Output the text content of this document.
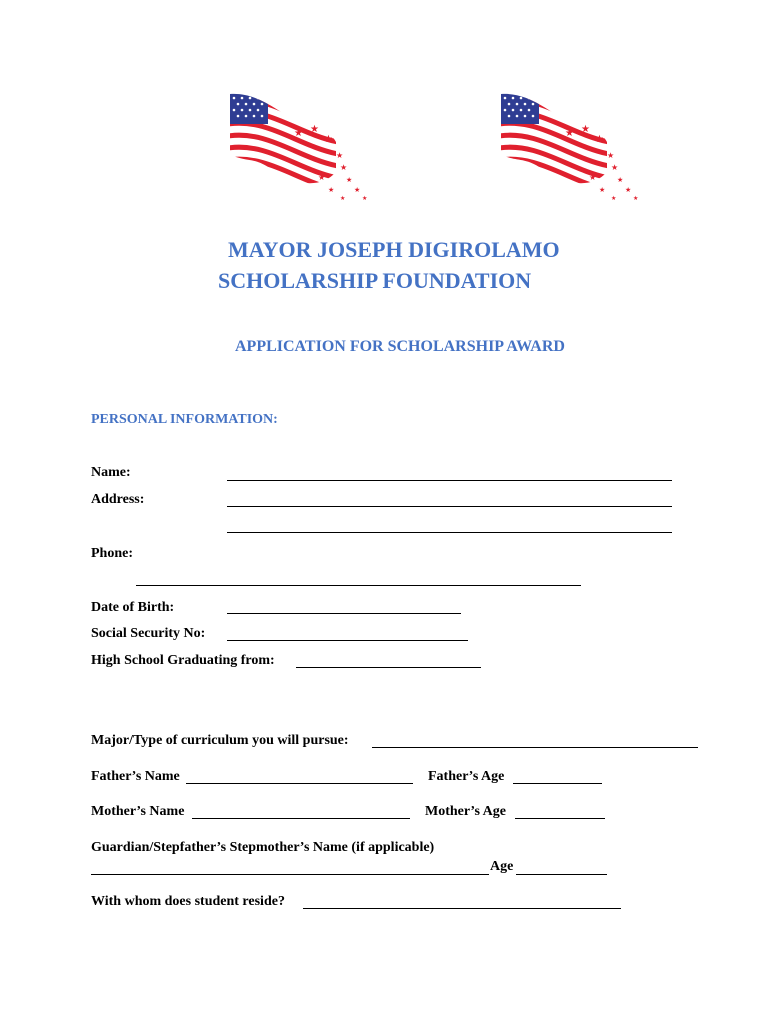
★ ★
★
★
★
★
★
★
★
★
★
★ ★
★
★
★
★
★
★
★
★
★
MAYOR JOSEPH DIGIROLAMO
SCHOLARSHIP FOUNDATION
APPLICATION FOR SCHOLARSHIP AWARD
PERSONAL INFORMATION:
Name:
Address:
Phone:
Date of Birth:
Social Security No:
High School Graduating from:
Major/Type of curriculum you will pursue:
Father’s Name	Father’s Age
Mother’s Name	Mother’s Age
Guardian/Stepfather’s Stepmother’s Name (if applicable)
Age
With whom does student reside?
